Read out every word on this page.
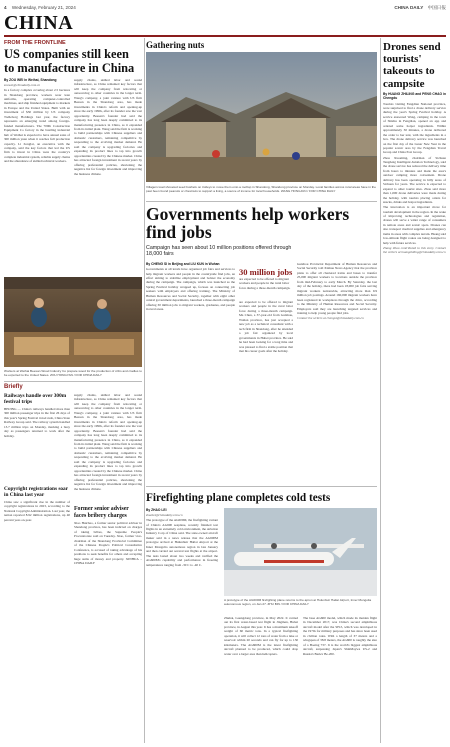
4 Wednesday, February 21, 2024	CHINA DAILY 中国日报
CHINA
FROM THE FRONTLINE
US companies still keen to manufacture in China

By ZOU WEI in Weihai, Shandong

zouwei@chinadaily.com.cn

In a factory complex covering about 2.5 hectares in Shandong province, workers wear lean uniforms, operating computer-controlled machines, and ship finished equipment to markets in Europe and the United States. Built with an investment of $30 million by US company Trelleborg Holdings last year, the factory represents an emerging trend among foreign-funded manufacturers. The 700th Construction Equipment Co factory in the bustling industrial hub of Weihai is expected to have annual sales of 300 million yuan when it reaches full production capacity. Li Zonglai, an executive with the company, said the key factors that led the US firm to invest in China were the country's complete industrial system, reliable supply chains and the abundance of skilled technical workers.

supply chains, skilled labor and sound infrastructure, as China remained key factors that will keep the company from relocating or outsourcing to other countries in the longer term. Wang's company, a joint venture with US firm Beesan in the Shandong area, has made investments in China's reform and opening-up since the early 1990s, after its founder saw the vast opportunity. Beesan's founder had said the company has long been deeply committed to its manufacturing presence in China, as it expanded from its initial plant. Wang said the firm is working to build partnerships with Chinese suppliers and domestic customers, remaining competitive by responding to the evolving market demand. He said the company is upgrading factories and expanding its product lines to tap into growth opportunities created by the Chinese market. China has attracted foreign investment in recent years by offering preferential policies, shortening the negative list for foreign investment and improving the business climate.

Workers at Weihai Beesan Wood Industry Co prepare wood for the production of cribs and cradles to be exported to the United States. ZOU HONGYAN / FOR CHINA DAILY
Briefly
Railways handle over 300m festival trips
BEIJING — China's railways handled more than 300 million passenger trips in the first 26 days of this year's Spring Festival travel rush, China State Railway Group said. The railway system handled 13.7 million trips on Monday, marking a busy day as passengers returned to work after the holiday.
Copyright registrations soar in China last year
China saw a significant rise in the number of copyright registrations in 2023, according to the National Copyright Administration. Last year, the nation reported 8.92 million registrations, up 40 percent year-on-year.

supply chains, skilled labor and sound infrastructure, as China remained key factors that will keep the company from relocating or outsourcing to other countries in the longer term. Wang's company, a joint venture with US firm Beesan in the Shandong area, has made investments in China's reform and opening-up since the early 1990s, after its founder saw the vast opportunity. Beesan's founder had said the company has long been deeply committed to its manufacturing presence in China, as it expanded from its initial plant. Wang said the firm is working to build partnerships with Chinese suppliers and domestic customers, remaining competitive by responding to the evolving market demand. He said the company is upgrading factories and expanding its product lines to tap into growth opportunities created by the Chinese market. China has attracted foreign investment in recent years by offering preferential policies, shortening the negative list for foreign investment and improving the business climate.

Former senior adviser faces bribery charges
Xiao Huichao, a former senior political adviser in Shandong province, has been indicted on charges of taking bribes, the Supreme People's Procuratorate said on Tuesday. Xiao, former vice-chairman of the Shandong Provincial Committee of the Chinese People's Political Consultative Conference, is accused of taking advantage of his positions to seek benefits for others and accepting huge sums of money and property. XINHUA – CHINA DAILY
Gathering nuts
Villagers load shoveled seed bushels on trolleys to move them onto a rooftop in Shandong, Shandong province on Monday. Local families across rural areas have in the past been found peanuts or chestnuts to support a living, a source of income for local households. WANG HONGJUN / FOR CHINA DAILY
Governments help workers find jobs
Campaign has seen about 10 million positions offered through 18,000 fairs

By CHENG SI in Beijing and LIU KUN in Wuhan

Governments at all levels have organized job fairs and services to help migrant workers and people in the countryside find jobs, an effort aiming to stabilize employment and bolster the economy during the campaign. The campaign, which was launched as the Spring Festival holiday wrapped up, focuses on connecting job seekers with employers and offering training. The Ministry of Human Resources and Social Security, together with eight other central government departments, launched a three-month campaign offering 30 million jobs to migrant workers, graduates, and people in rural areas.

30 million jobs
are expected to be offered to migrant workers and people in the rural labor force during a three-month campaign.
are expected to be offered to migrant workers and people in the rural labor force during a three-month campaign. Ma Chun, a 37-year-old from Guizhou, Wuhan province, has just accepted a new job as a technical consultant with a tech firm in Shandong, after he attended a job fair organized by local governments in Hubei province. He said he had been looking for a long time and was pleased to find a stable position that met his career goals after the holiday.

Guizhou Provincial Department of Human Resources and Social Security told Xinhua News Agency that the province plans to offer all chartered trains and buses to transfer 25,000 migrant workers to locations outside the province from mid-February to early March. By Saturday, the last day of the holiday, there had been 18,000 job fairs serving migrant workers nationwide, attracting more than 9.9 million job postings. Around 160,000 migrant workers have been registered in workplaces through the drive, according to the Ministry of Human Resources and Social Security. Employers said they are launching targeted services and training to help young people find jobs.

Contact the writers at chengsi@chinadaily.com.cn

Firefighting plane completes cold tests

By ZHAO LEI

zhaolei@chinadaily.com.cn

The prototype of the AG600M, the firefighting variant of China's AG600 seaplane, recently finished test flights in an extremely cold environment, the Aviation Industry Corp of China said. The state-owned aircraft maker said in a news release that the AG600M prototype arrived at Hulunbuir Hailar Airport at the Inner Mongolia autonomous region in late January and then carried out several test flights at the airport. The tests lasted about two weeks and verified the AG600M's capability and performance in freezing temperatures ranging from -30 C to -40 C.

A prototype of the AG600M firefighting plane returns to the apron at Hulunbuir Hailar Airport, Inner Mongolia autonomous region, on Jan 27. ZHU BIN / FOR CHINA DAILY
Zhuhai, Guangdong province, in May 2022. It carried out its first water-based test flight in Jingmen, Hubei province, in August this year. It has a maximum takeoff weight of 60 metric tons. In a typical firefighting operation, it will collect 12 tons of water from a lake or reservoir within 20 seconds and can fly for up to 130 kilometers. The AG600M is the latest firefighting aircraft planned to be produced, which could drop water over a larger area than helicopters.
The base AG600 model, which made its maiden flight in December 2017, was China's second amphibious aircraft model after the SH-5, which was developed in the 1970s for military purposes and has since been used in civilian roles. With a length of 37 meters and a wingspan of 38.8 meters, the AG600 is roughly the size of a Boeing 737. It is the world's biggest amphibious aircraft, surpassing Japan's ShinMaywa US-2 and Russia's Beriev Be-200.
Drones send tourists' takeouts to campsite

By HUANG ZHILING and PENG CHAO in Chengdu

Tourists visiting Fengdian National province, were surprised to find a drone delivery service during the year's Spring Festival holiday. A service answered Wang, camping in the town of Shizhu in Fengdian, opened an app and ordered some hotpot ingredients. Within approximately 30 minutes, a drone delivered the order to her tent, with the ingredients in a box. The drone delivery service was launched on the first day of the Lunar New Year in the popular scenic area by the Fengdian Travel Group and China Post Group.

Zhou Xiaoming, chairman of Sichuan Tengdeng Intelligent Aviation Technology, said the drone service has reduced the delivery time from hours to minutes and made the area's outdoor camping more convenient. Drone delivery has been operating in hilly areas of Sichuan for years. The service is expected to expand to other tourist sites. Zhou said more than 1,000 drone deliveries were made during the holiday, with tourists placing orders for snacks, drinks and hotpot ingredients.

The innovation is an important move for tourism development in the region. In the wake of improving technologies and regulation, drones will serve a wider range of consumers in remote areas and scenic spots. Drones can also transport medical supplies and emergency items in areas with complex terrain. Huang said low-altitude flight routes are being designed to help with future services.

Zhang Zhao contributed to this story. Contact the writers at huangzhiling@chinadaily.com.cn
